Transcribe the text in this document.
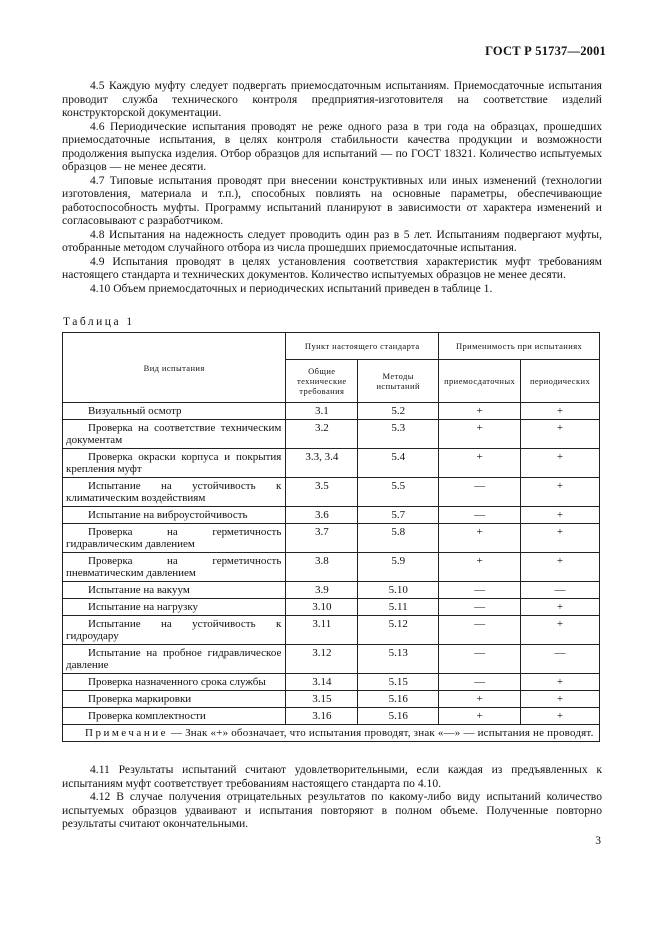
ГОСТ Р 51737—2001

4.5 Каждую муфту следует подвергать приемосдаточным испытаниям. Приемосдаточные испытания проводит служба технического контроля предприятия-изготовителя на соответствие изделий конструкторской документации.

4.6 Периодические испытания проводят не реже одного раза в три года на образцах, прошедших приемосдаточные испытания, в целях контроля стабильности качества продукции и возможности продолжения выпуска изделия. Отбор образцов для испытаний — по ГОСТ 18321. Количество испытуемых образцов — не менее десяти.

4.7 Типовые испытания проводят при внесении конструктивных или иных изменений (технологии изготовления, материала и т.п.), способных повлиять на основные параметры, обеспечивающие работоспособность муфты. Программу испытаний планируют в зависимости от характера изменений и согласовывают с разработчиком.

4.8 Испытания на надежность следует проводить один раз в 5 лет. Испытаниям подвергают муфты, отобранные методом случайного отбора из числа прошедших приемосдаточные испытания.

4.9 Испытания проводят в целях установления соответствия характеристик муфт требованиям настоящего стандарта и технических документов. Количество испытуемых образцов не менее десяти.

4.10 Объем приемосдаточных и периодических испытаний приведен в таблице 1.

Таблица 1
Вид испытания	Пункт настоящего стандарта		Применимость при испытаниях	
	Общие технические требования	Методы испытаний	приемосдаточных	периодических
Визуальный осмотр	3.1	5.2	+	+
Проверка на соответствие техническим документам	3.2	5.3	+	+
Проверка окраски корпуса и покрытия крепления муфт	3.3, 3.4	5.4	+	+
Испытание на устойчивость к климатическим воздействиям	3.5	5.5	—	+
Испытание на виброустойчивость	3.6	5.7	—	+
Проверка на герметичность гидравлическим давлением	3.7	5.8	+	+
Проверка на герметичность пневматическим давлением	3.8	5.9	+	+
Испытание на вакуум	3.9	5.10	—	—
Испытание на нагрузку	3.10	5.11	—	+
Испытание на устойчивость к гидроудару	3.11	5.12	—	+
Испытание на пробное гидравлическое давление	3.12	5.13	—	—
Проверка назначенного срока службы	3.14	5.15	—	+
Проверка маркировки	3.15	5.16	+	+
Проверка комплектности	3.16	5.16	+	+
Примечание — Знак «+» обозначает, что испытания проводят, знак «—» — испытания не проводят.				

4.11 Результаты испытаний считают удовлетворительными, если каждая из предъявленных к испытаниям муфт соответствует требованиям настоящего стандарта по 4.10.

4.12 В случае получения отрицательных результатов по какому-либо виду испытаний количество испытуемых образцов удваивают и испытания повторяют в полном объеме. Полученные повторно результаты считают окончательными.

3
